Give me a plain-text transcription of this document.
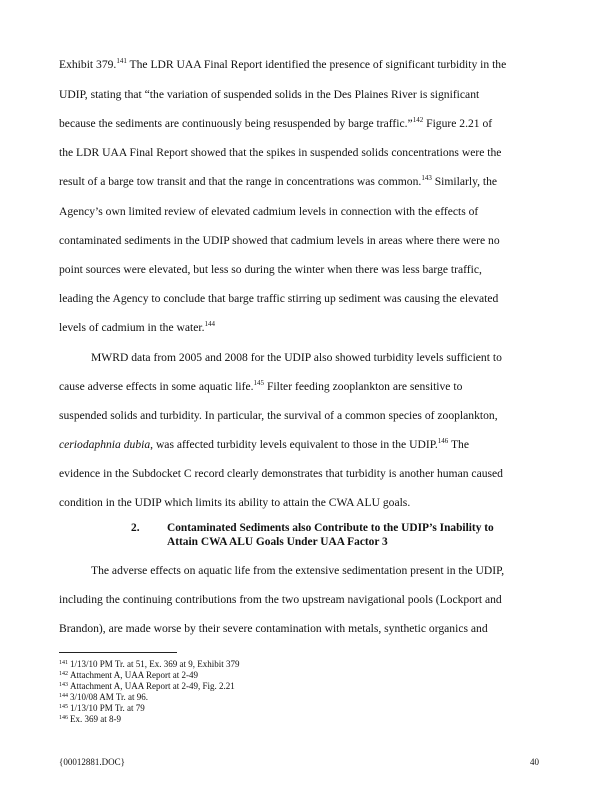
Exhibit 379.$^{141}$ The LDR UAA Final Report identified the presence of significant turbidity in the
UDIP, stating that “the variation of suspended solids in the Des Plaines River is significant
because the sediments are continuously being resuspended by barge traffic.”$^{142}$ Figure 2.21 of
the LDR UAA Final Report showed that the spikes in suspended solids concentrations were the
result of a barge tow transit and that the range in concentrations was common.$^{143}$ Similarly, the
Agency’s own limited review of elevated cadmium levels in connection with the effects of
contaminated sediments in the UDIP showed that cadmium levels in areas where there were no
point sources were elevated, but less so during the winter when there was less barge traffic,
leading the Agency to conclude that barge traffic stirring up sediment was causing the elevated
levels of cadmium in the water.$^{144}$
MWRD data from 2005 and 2008 for the UDIP also showed turbidity levels sufficient to
cause adverse effects in some aquatic life.$^{145}$ Filter feeding zooplankton are sensitive to
suspended solids and turbidity. In particular, the survival of a common species of zooplankton,
ceriodaphnia dubia, was affected turbidity levels equivalent to those in the UDIP.$^{146}$ The
evidence in the Subdocket C record clearly demonstrates that turbidity is another human caused
condition in the UDIP which limits its ability to attain the CWA ALU goals.
2. Contaminated Sediments also Contribute to the UDIP’s Inability to
Attain CWA ALU Goals Under UAA Factor 3
The adverse effects on aquatic life from the extensive sedimentation present in the UDIP,
including the continuing contributions from the two upstream navigational pools (Lockport and
Brandon), are made worse by their severe contamination with metals, synthetic organics and
$^{141}$ 1/13/10 PM Tr. at 51, Ex. 369 at 9, Exhibit 379
$^{142}$ Attachment A, UAA Report at 2-49
$^{143}$ Attachment A, UAA Report at 2-49, Fig. 2.21
$^{144}$ 3/10/08 AM Tr. at 96.
$^{145}$ 1/13/10 PM Tr. at 79
$^{146}$ Ex. 369 at 8-9
{00012881.DOC}	40
